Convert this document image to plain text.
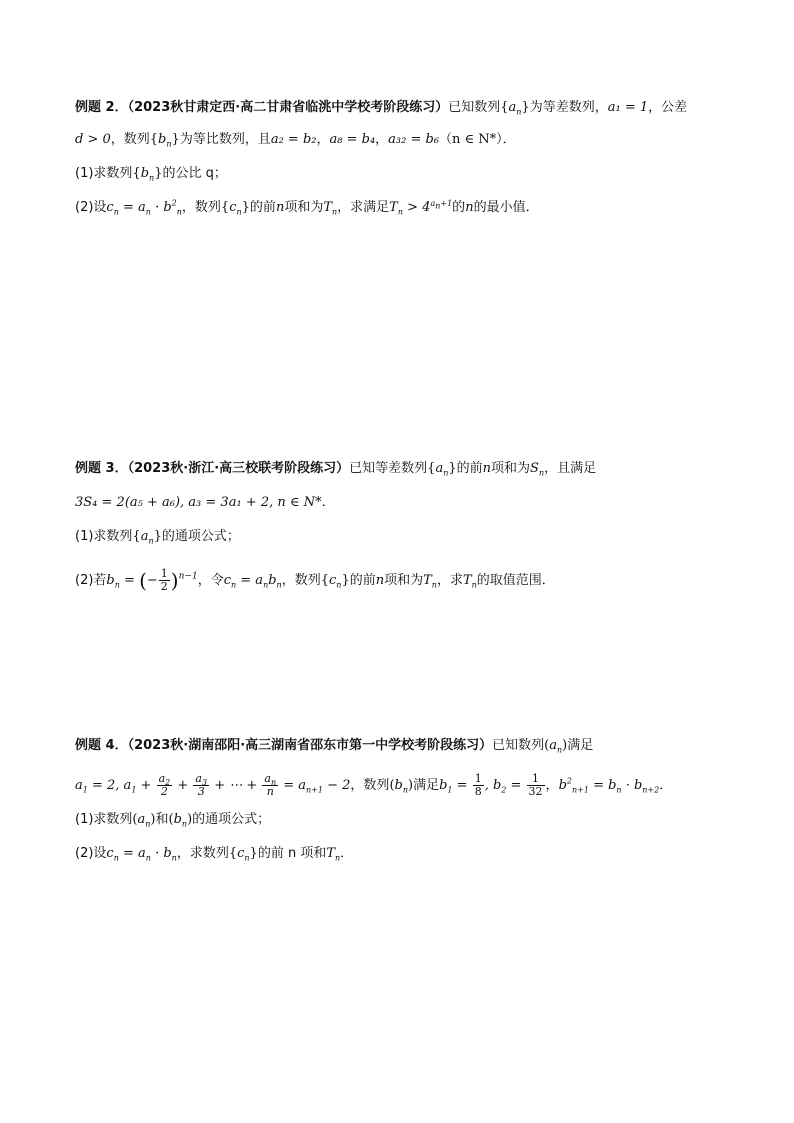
例题 2．（2023秋甘肃定西·高二甘肃省临洮中学校考阶段练习）已知数列$\{a_n\}$为等差数列，a₁ = 1，公差
d > 0，数列$\{b_n\}$为等比数列，且a₂ = b₂，a₈ = b₄，a₃₂ = b₆（n ∈ N*）．
(1)求数列$\{b_n\}$的公比 q；
(2)设$c_n = a_n \cdot b^2_n$，数列$\{c_n\}$的前n项和为$T_n$，求满足$T_n > 4^{a_n+1}$的n的最小值．
例题 3．（2023秋·浙江·高三校联考阶段练习）已知等差数列$\{a_n\}$的前n项和为$S_n$，且满足
3S₄ = 2(a₅ + a₆), a₃ = 3a₁ + 2, n ∈ N*．
(1)求数列$\{a_n\}$的通项公式；
(2)若$b_n$ = (− $\frac{1}{2} )^{n-1}$，令$c_n = a_nb_n$，数列$\{c_n\}$的前n项和为$T_n$，求$T_n$的取值范围．
例题 4．（2023秋·湖南邵阳·高三湖南省邵东市第一中学校考阶段练习）已知数列$(a_n)$满足
$a_1 = 2$, $a_1 + \frac{a_2}{2} + \frac{a_3}{3}$ + ⋯ + $\frac{a_n}{n} = a_{n+1} - 2$，数列$(b_n)$满足$b_1 = \frac{1}{8}$ , $b_2 = \frac{1}{32}$ ，$b^2_{n+1} = b_n \cdot b_{n+2}$．
(1)求数列$(a_n)$和$(b_n)$的通项公式；
(2)设$c_n = a_n \cdot b_n$，求数列$\{c_n\}$的前 n 项和$T_n$．
